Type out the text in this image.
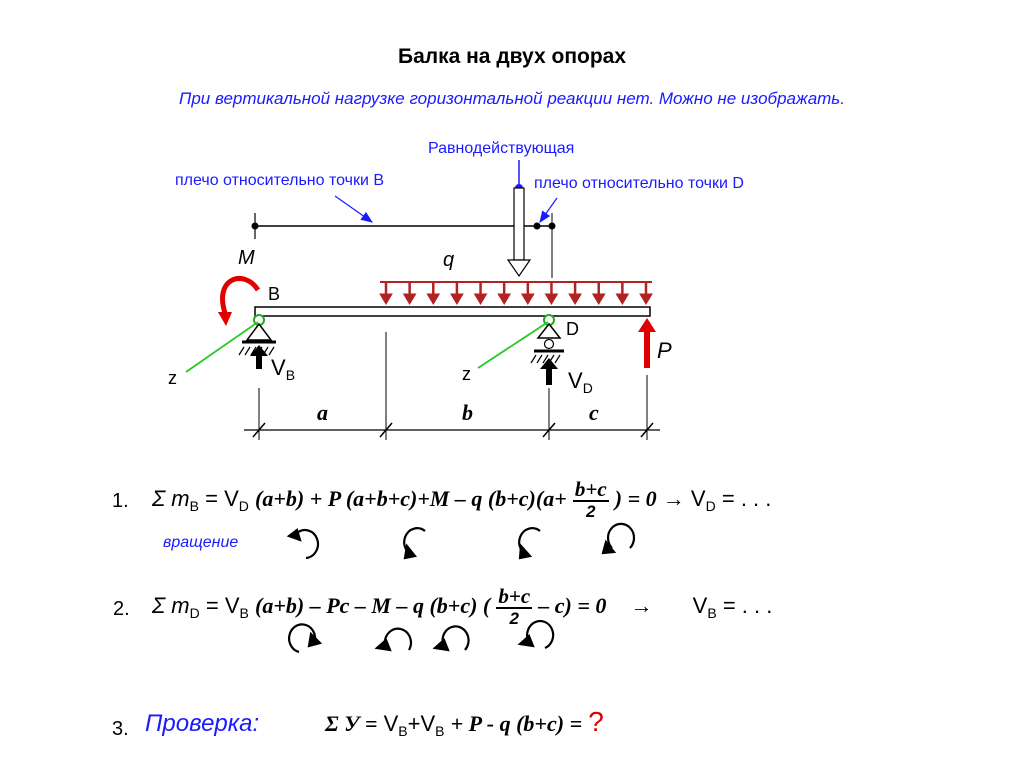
Балка на двух опорах
При вертикальной нагрузке горизонтальной реакции нет. Можно не изображать.
Равнодействующая
плечо относительно точки B	плечо относительно точки D
M	q
B
D
P
z	z
$V_B$	$V_D$
a	b	c
1. Σ $m_B = V_D$ (a+b) + P (a+b+c)+M – q $(b+c)(a+ \frac{b+c}{2}$ ) = $0 \to V_D$ = . . .
вращение
2. Σ $m_D = V_B$ (a+b) – Pc – M – q (b+c) ( $\frac{b+c}{2} - c) = 0 \to V_B$ = . . .
3. Проверка:	Σ $У = V_B+V_B + P - q$ (b+c) = ?
